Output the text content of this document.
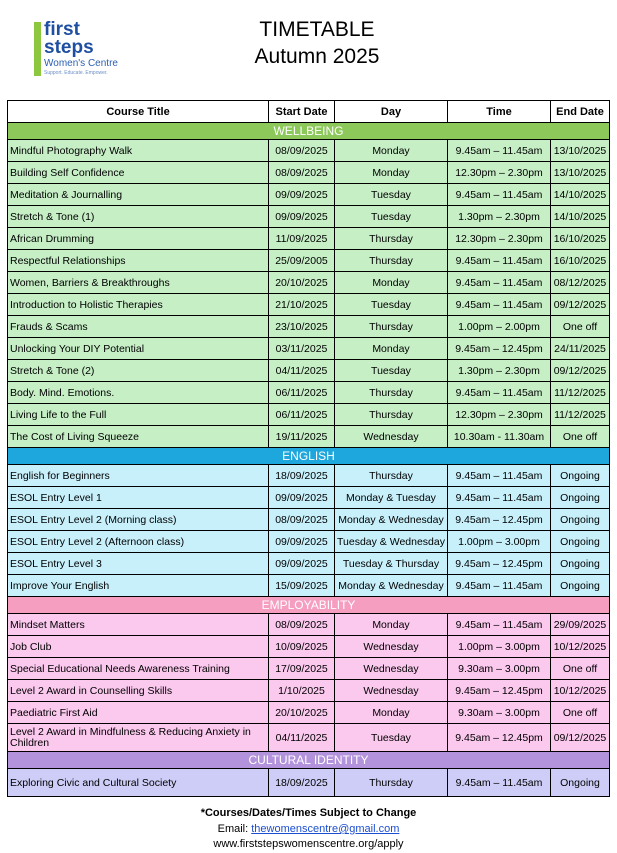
first
steps
Women's Centre
Support. Educate. Empower.
TIMETABLE
Autumn 2025
Course Title	Start Date	Day	Time	End Date
WELLBEING				
Mindful Photography Walk	08/09/2025	Monday	9.45am – 11.45am	13/10/2025
Building Self Confidence	08/09/2025	Monday	12.30pm – 2.30pm	13/10/2025
Meditation & Journalling	09/09/2025	Tuesday	9.45am – 11.45am	14/10/2025
Stretch & Tone (1)	09/09/2025	Tuesday	1.30pm – 2.30pm	14/10/2025
African Drumming	11/09/2025	Thursday	12.30pm – 2.30pm	16/10/2025
Respectful Relationships	25/09/2005	Thursday	9.45am – 11.45am	16/10/2025
Women, Barriers & Breakthroughs	20/10/2025	Monday	9.45am – 11.45am	08/12/2025
Introduction to Holistic Therapies	21/10/2025	Tuesday	9.45am – 11.45am	09/12/2025
Frauds & Scams	23/10/2025	Thursday	1.00pm – 2.00pm	One off
Unlocking Your DIY Potential	03/11/2025	Monday	9.45am – 12.45pm	24/11/2025
Stretch & Tone (2)	04/11/2025	Tuesday	1.30pm – 2.30pm	09/12/2025
Body. Mind. Emotions.	06/11/2025	Thursday	9.45am – 11.45am	11/12/2025
Living Life to the Full	06/11/2025	Thursday	12.30pm – 2.30pm	11/12/2025
The Cost of Living Squeeze	19/11/2025	Wednesday	10.30am - 11.30am	One off
ENGLISH				
English for Beginners	18/09/2025	Thursday	9.45am – 11.45am	Ongoing
ESOL Entry Level 1	09/09/2025	Monday & Tuesday	9.45am – 11.45am	Ongoing
ESOL Entry Level 2 (Morning class)	08/09/2025	Monday & Wednesday	9.45am – 12.45pm	Ongoing
ESOL Entry Level 2 (Afternoon class)	09/09/2025	Tuesday & Wednesday	1.00pm – 3.00pm	Ongoing
ESOL Entry Level 3	09/09/2025	Tuesday & Thursday	9.45am – 12.45pm	Ongoing
Improve Your English	15/09/2025	Monday & Wednesday	9.45am – 11.45am	Ongoing
EMPLOYABILITY				
Mindset Matters	08/09/2025	Monday	9.45am – 11.45am	29/09/2025
Job Club	10/09/2025	Wednesday	1.00pm – 3.00pm	10/12/2025
Special Educational Needs Awareness Training	17/09/2025	Wednesday	9.30am – 3.00pm	One off
Level 2 Award in Counselling Skills	1/10/2025	Wednesday	9.45am – 12.45pm	10/12/2025
Paediatric First Aid	20/10/2025	Monday	9.30am – 3.00pm	One off
Level 2 Award in Mindfulness & Reducing Anxiety in Children	04/11/2025	Tuesday	9.45am – 12.45pm	09/12/2025
CULTURAL IDENTITY				
Exploring Civic and Cultural Society	18/09/2025	Thursday	9.45am – 11.45am	Ongoing
*Courses/Dates/Times Subject to Change
Email: thewomenscentre@gmail.com
www.firststepswomenscentre.org/apply
